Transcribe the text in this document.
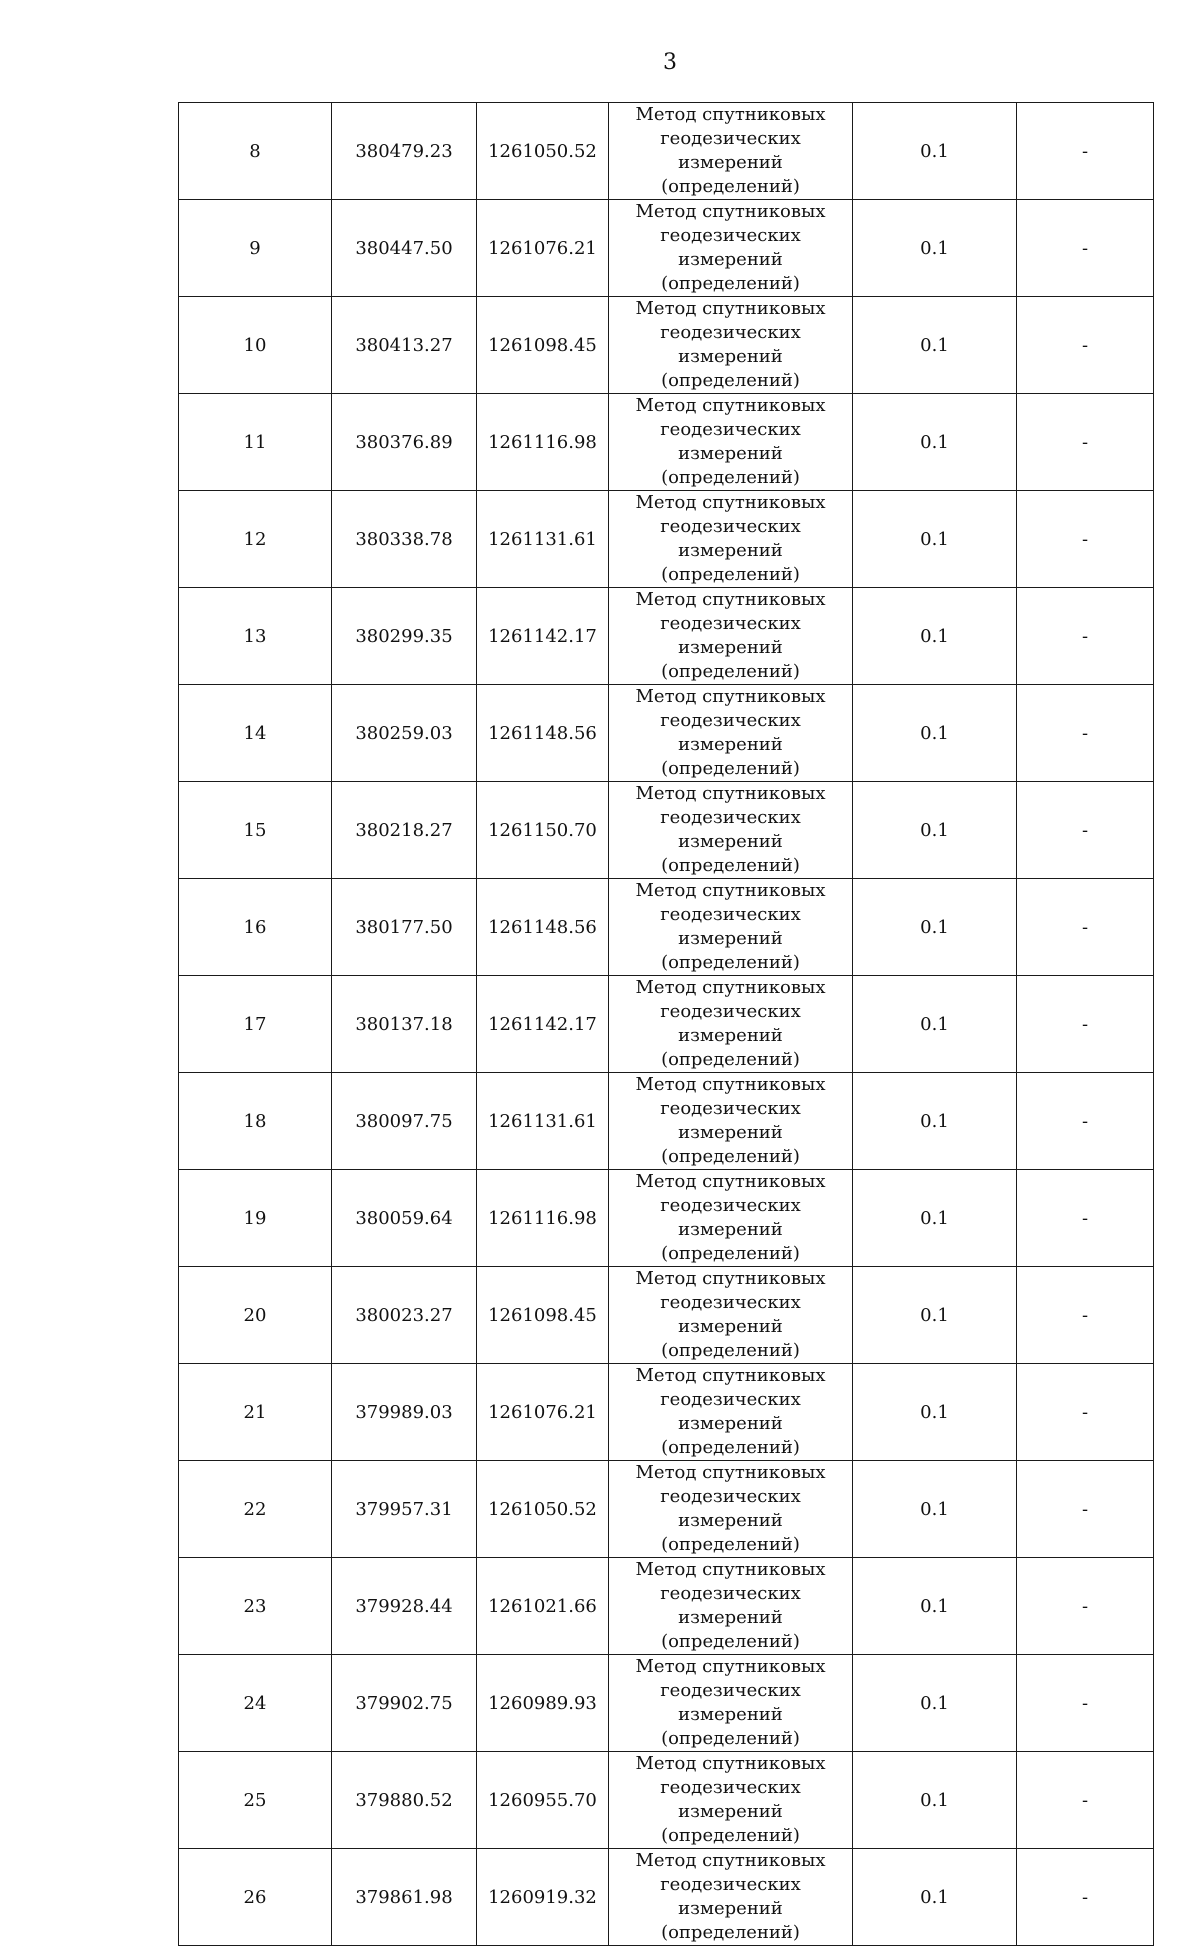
3
8	380479.23	1261050.52	Метод спутниковых
геодезических измерений
(определений)	0.1	-
9	380447.50	1261076.21	Метод спутниковых
геодезических измерений
(определений)	0.1	-
10	380413.27	1261098.45	Метод спутниковых
геодезических измерений
(определений)	0.1	-
11	380376.89	1261116.98	Метод спутниковых
геодезических измерений
(определений)	0.1	-
12	380338.78	1261131.61	Метод спутниковых
геодезических измерений
(определений)	0.1	-
13	380299.35	1261142.17	Метод спутниковых
геодезических измерений
(определений)	0.1	-
14	380259.03	1261148.56	Метод спутниковых
геодезических измерений
(определений)	0.1	-
15	380218.27	1261150.70	Метод спутниковых
геодезических измерений
(определений)	0.1	-
16	380177.50	1261148.56	Метод спутниковых
геодезических измерений
(определений)	0.1	-
17	380137.18	1261142.17	Метод спутниковых
геодезических измерений
(определений)	0.1	-
18	380097.75	1261131.61	Метод спутниковых
геодезических измерений
(определений)	0.1	-
19	380059.64	1261116.98	Метод спутниковых
геодезических измерений
(определений)	0.1	-
20	380023.27	1261098.45	Метод спутниковых
геодезических измерений
(определений)	0.1	-
21	379989.03	1261076.21	Метод спутниковых
геодезических измерений
(определений)	0.1	-
22	379957.31	1261050.52	Метод спутниковых
геодезических измерений
(определений)	0.1	-
23	379928.44	1261021.66	Метод спутниковых
геодезических измерений
(определений)	0.1	-
24	379902.75	1260989.93	Метод спутниковых
геодезических измерений
(определений)	0.1	-
25	379880.52	1260955.70	Метод спутниковых
геодезических измерений
(определений)	0.1	-
26	379861.98	1260919.32	Метод спутниковых
геодезических измерений
(определений)	0.1	-
